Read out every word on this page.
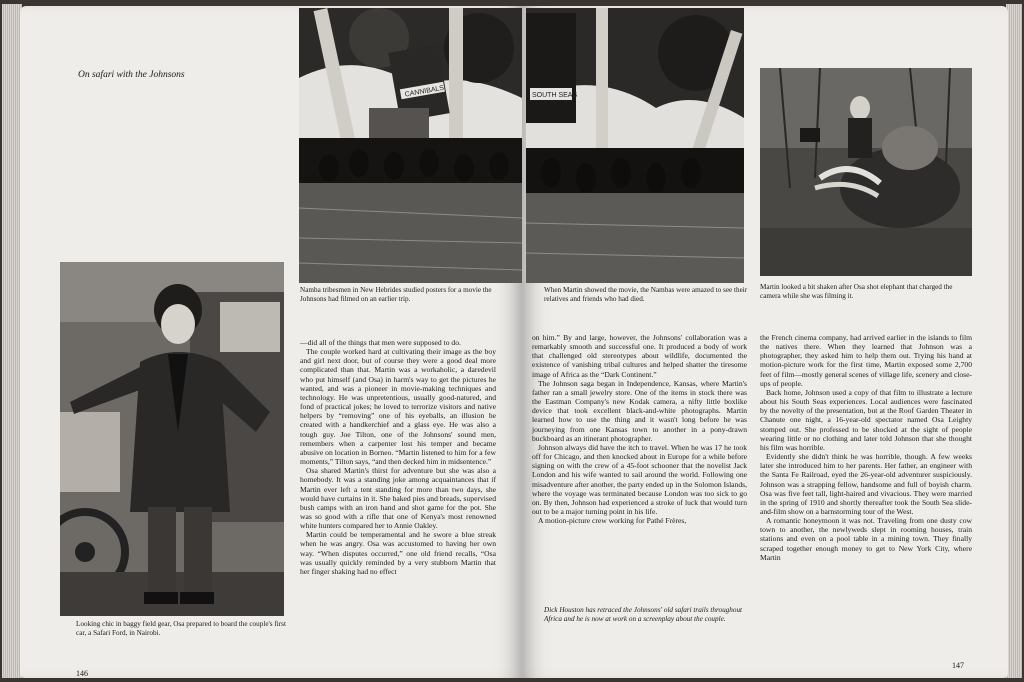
On safari with the Johnsons
Looking chic in baggy field gear, Osa prepared to board the couple's first car, a Safari Ford, in Nairobi.
CANNIBALS
Namba tribesmen in New Hebrides studied posters for a movie the Johnsons had filmed on an earlier trip.

—did all of the things that men were supposed to do.

The couple worked hard at cultivating their image as the boy and girl next door, but of course they were a good deal more complicated than that. Martin was a workaholic, a daredevil who put himself (and Osa) in harm's way to get the pictures he wanted, and was a pioneer in movie-making techniques and technology. He was unpretentious, usually good-natured, and fond of practical jokes; he loved to terrorize visitors and native helpers by “removing” one of his eyeballs, an illusion he created with a handkerchief and a glass eye. He was also a tough guy. Joe Tilton, one of the Johnsons' sound men, remembers when a carpenter lost his temper and became abusive on location in Borneo. “Martin listened to him for a few moments,” Tilton says, “and then decked him in midsentence.”

Osa shared Martin's thirst for adventure but she was also a homebody. It was a standing joke among acquaintances that if Martin ever left a tent standing for more than two days, she would have curtains in it. She baked pies and breads, supervised bush camps with an iron hand and shot game for the pot. She was so good with a rifle that one of Kenya's most renowned white hunters compared her to Annie Oakley.

Martin could be temperamental and he swore a blue streak when he was angry. Osa was accustomed to having her own way. “When disputes occurred,” one old friend recalls, “Osa was usually quickly reminded by a very stubborn Martin that her finger shaking had no effect

146
SOUTH SEAS
When Martin showed the movie, the Nambas were amazed to see their relatives and friends who had died.
Martin looked a bit shaken after Osa shot elephant that charged the camera while she was filming it.

on him.” By and large, however, the Johnsons' collaboration was a remarkably smooth and successful one. It produced a body of work that challenged old stereotypes about wildlife, documented the existence of vanishing tribal cultures and helped shatter the tiresome image of Africa as the “Dark Continent.”

The Johnson saga began in Independence, Kansas, where Martin's father ran a small jewelry store. One of the items in stock there was the Eastman Company's new Kodak camera, a nifty little boxlike device that took excellent black-and-white photographs. Martin learned how to use the thing and it wasn't long before he was journeying from one Kansas town to another in a pony-drawn buckboard as an itinerant photographer.

Johnson always did have the itch to travel. When he was 17 he took off for Chicago, and then knocked about in Europe for a while before signing on with the crew of a 45-foot schooner that the novelist Jack London and his wife wanted to sail around the world. Following one misadventure after another, the party ended up in the Solomon Islands, where the voyage was terminated because London was too sick to go on. By then, Johnson had experienced a stroke of luck that would turn out to be a major turning point in his life.

A motion-picture crew working for Pathé Frères,

Dick Houston has retraced the Johnsons' old safari trails throughout Africa and he is now at work on a screenplay about the couple.

the French cinema company, had arrived earlier in the islands to film the natives there. When they learned that Johnson was a photographer, they asked him to help them out. Trying his hand at motion-picture work for the first time, Martin exposed some 2,700 feet of film—mostly general scenes of village life, scenery and close-ups of people.

Back home, Johnson used a copy of that film to illustrate a lecture about his South Seas experiences. Local audiences were fascinated by the novelty of the presentation, but at the Roof Garden Theater in Chanute one night, a 16-year-old spectator named Osa Leighty stomped out. She professed to be shocked at the sight of people wearing little or no clothing and later told Johnson that she thought his film was horrible.

Evidently she didn't think he was horrible, though. A few weeks later she introduced him to her parents. Her father, an engineer with the Santa Fe Railroad, eyed the 26-year-old adventurer suspiciously. Johnson was a strapping fellow, handsome and full of boyish charm. Osa was five feet tall, light-haired and vivacious. They were married in the spring of 1910 and shortly thereafter took the South Sea slide-and-film show on a barnstorming tour of the West.

A romantic honeymoon it was not. Traveling from one dusty cow town to another, the newlyweds slept in rooming houses, train stations and even on a pool table in a mining town. They finally scraped together enough money to get to New York City, where Martin

147
